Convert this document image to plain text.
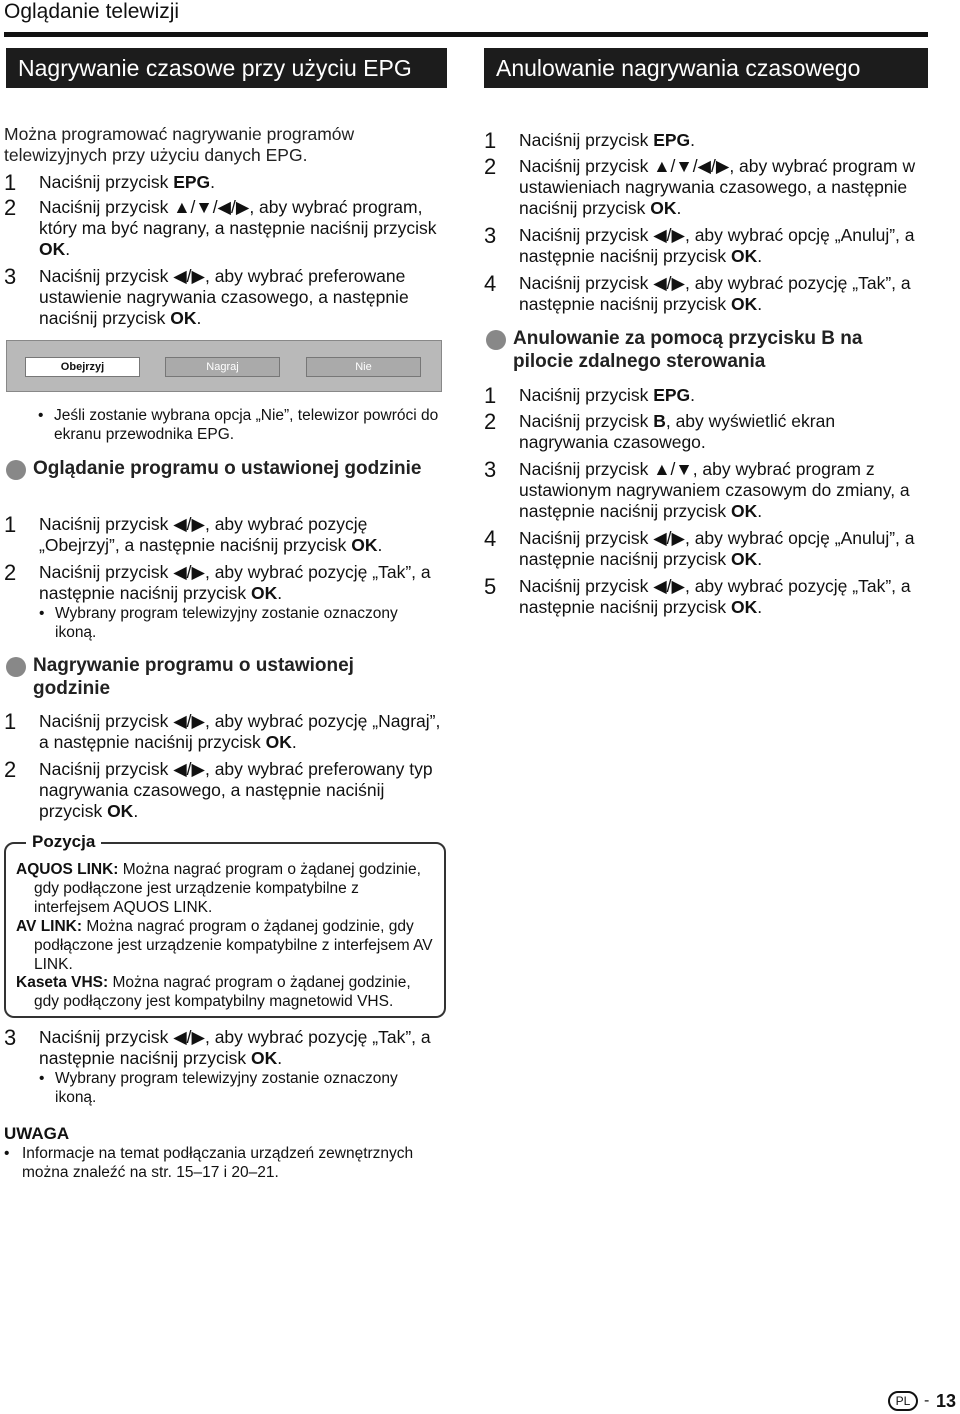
Oglądanie telewizji
Nagrywanie czasowe przy użyciu EPG
Można programować nagrywanie programów telewizyjnych przy użyciu danych EPG.
1 Naciśnij przycisk EPG.
2 Naciśnij przycisk ▲/▼/◀/▶, aby wybrać program, który ma być nagrany, a następnie naciśnij przycisk OK.
3 Naciśnij przycisk ◀/▶, aby wybrać preferowane ustawienie nagrywania czasowego, a następnie naciśnij przycisk OK.
Obejrzyj	Nagraj	Nie
• Jeśli zostanie wybrana opcja „Nie”, telewizor powróci do ekranu przewodnika EPG.
Oglądanie programu o ustawionej godzinie
1 Naciśnij przycisk ◀/▶, aby wybrać pozycję „Obejrzyj”, a następnie naciśnij przycisk OK.
2 Naciśnij przycisk ◀/▶, aby wybrać pozycję „Tak”, a następnie naciśnij przycisk OK.
• Wybrany program telewizyjny zostanie oznaczony ikoną.
Nagrywanie programu o ustawionej godzinie
1 Naciśnij przycisk ◀/▶, aby wybrać pozycję „Nagraj”, a następnie naciśnij przycisk OK.
2 Naciśnij przycisk ◀/▶, aby wybrać preferowany typ nagrywania czasowego, a następnie naciśnij przycisk OK.
Pozycja
AQUOS LINK: Można nagrać program o żądanej godzinie, gdy podłączone jest urządzenie kompatybilne z interfejsem AQUOS LINK.
AV LINK: Można nagrać program o żądanej godzinie, gdy podłączone jest urządzenie kompatybilne z interfejsem AV LINK.
Kaseta VHS: Można nagrać program o żądanej godzinie, gdy podłączony jest kompatybilny magnetowid VHS.
3 Naciśnij przycisk ◀/▶, aby wybrać pozycję „Tak”, a następnie naciśnij przycisk OK.
• Wybrany program telewizyjny zostanie oznaczony ikoną.
UWAGA
• Informacje na temat podłączania urządzeń zewnętrznych można znaleźć na str. 15–17 i 20–21.
Anulowanie nagrywania czasowego
1 Naciśnij przycisk EPG.
2 Naciśnij przycisk ▲/▼/◀/▶, aby wybrać program w ustawieniach nagrywania czasowego, a następnie naciśnij przycisk OK.
3 Naciśnij przycisk ◀/▶, aby wybrać opcję „Anuluj”, a następnie naciśnij przycisk OK.
4 Naciśnij przycisk ◀/▶, aby wybrać pozycję „Tak”, a następnie naciśnij przycisk OK.
Anulowanie za pomocą przycisku B na pilocie zdalnego sterowania
1 Naciśnij przycisk EPG.
2 Naciśnij przycisk B, aby wyświetlić ekran nagrywania czasowego.
3 Naciśnij przycisk ▲/▼, aby wybrać program z ustawionym nagrywaniem czasowym do zmiany, a następnie naciśnij przycisk OK.
4 Naciśnij przycisk ◀/▶, aby wybrać opcję „Anuluj”, a następnie naciśnij przycisk OK.
5 Naciśnij przycisk ◀/▶, aby wybrać pozycję „Tak”, a następnie naciśnij przycisk OK.
PL - 13
